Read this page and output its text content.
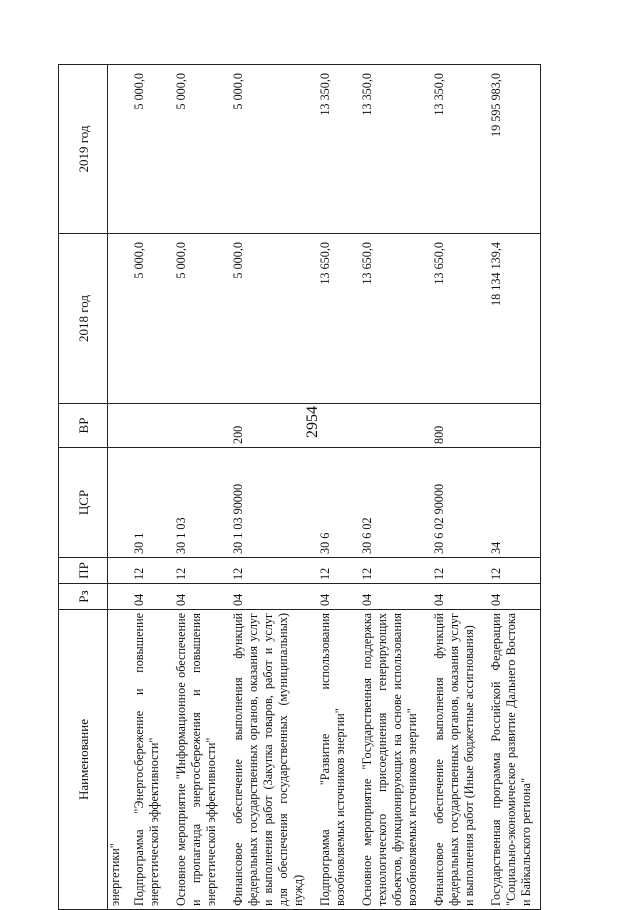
2954
Наименование	Рз	ПР	ЦСР	ВР	2018 год	2019 год
энергетики"						
Подпрограмма "Энергосбережение и повышение энергетической эффективности"	04	12	30 1		5 000,0	5 000,0
Основное мероприятие "Информационное обеспечение и пропаганда энергосбережения и повышения энергетической эффективности"	04	12	30 1 03		5 000,0	5 000,0
Финансовое обеспечение выполнения функций федеральных государственных органов, оказания услуг и выполнения работ (Закупка товаров, работ и услуг для обеспечения государственных (муниципальных) нужд)	04	12	30 1 03 90000	200	5 000,0	5 000,0
Подпрограмма "Развитие использования возобновляемых источников энергии"	04	12	30 6		13 650,0	13 350,0
Основное мероприятие "Государственная поддержка технологического присоединения генерирующих объектов, функционирующих на основе использования возобновляемых источников энергии"	04	12	30 6 02		13 650,0	13 350,0
Финансовое обеспечение выполнения функций федеральных государственных органов, оказания услуг и выполнения работ (Иные бюджетные ассигнования)	04	12	30 6 02 90000	800	13 650,0	13 350,0
Государственная программа Российской Федерации "Социально-экономическое развитие Дальнего Востока и Байкальского региона"	04	12	34		18 134 139,4	19 595 983,0
